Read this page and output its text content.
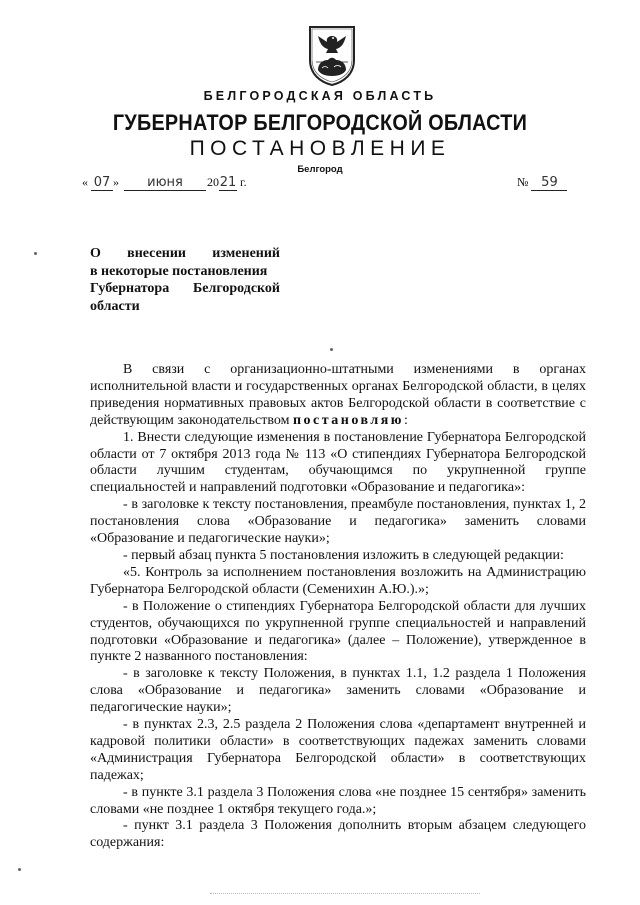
БЕЛГОРОДСКАЯ ОБЛАСТЬ
ГУБЕРНАТОР БЕЛГОРОДСКОЙ ОБЛАСТИ
ПОСТАНОВЛЕНИЕ
Белгород
« 07 » июня	2021 г.	№ 59
О внесении изменений
в некоторые постановления
Губернатора Белгородской
области

В связи с организационно-штатными изменениями в органах исполнительной власти и государственных органах Белгородской области, в целях приведения нормативных правовых актов Белгородской области в соответствие с действующим законодательством постановляю:

1. Внести следующие изменения в постановление Губернатора Белгородской области от 7 октября 2013 года № 113 «О стипендиях Губернатора Белгородской области лучшим студентам, обучающимся по укрупненной группе специальностей и направлений подготовки «Образование и педагогика»:

- в заголовке к тексту постановления, преамбуле постановления, пунктах 1, 2 постановления слова «Образование и педагогика» заменить словами «Образование и педагогические науки»;

- первый абзац пункта 5 постановления изложить в следующей редакции:

«5. Контроль за исполнением постановления возложить на Администрацию Губернатора Белгородской области (Семенихин А.Ю.).»;

- в Положение о стипендиях Губернатора Белгородской области для лучших студентов, обучающихся по укрупненной группе специальностей и направлений подготовки «Образование и педагогика» (далее – Положение), утвержденное в пункте 2 названного постановления:

- в заголовке к тексту Положения, в пунктах 1.1, 1.2 раздела 1 Положения слова «Образование и педагогика» заменить словами «Образование и педагогические науки»;

- в пунктах 2.3, 2.5 раздела 2 Положения слова «департамент внутренней и кадровой политики области» в соответствующих падежах заменить словами «Администрация Губернатора Белгородской области» в соответствующих падежах;

- в пункте 3.1 раздела 3 Положения слова «не позднее 15 сентября» заменить словами «не позднее 1 октября текущего года.»;

- пункт 3.1 раздела 3 Положения дополнить вторым абзацем следующего содержания:
